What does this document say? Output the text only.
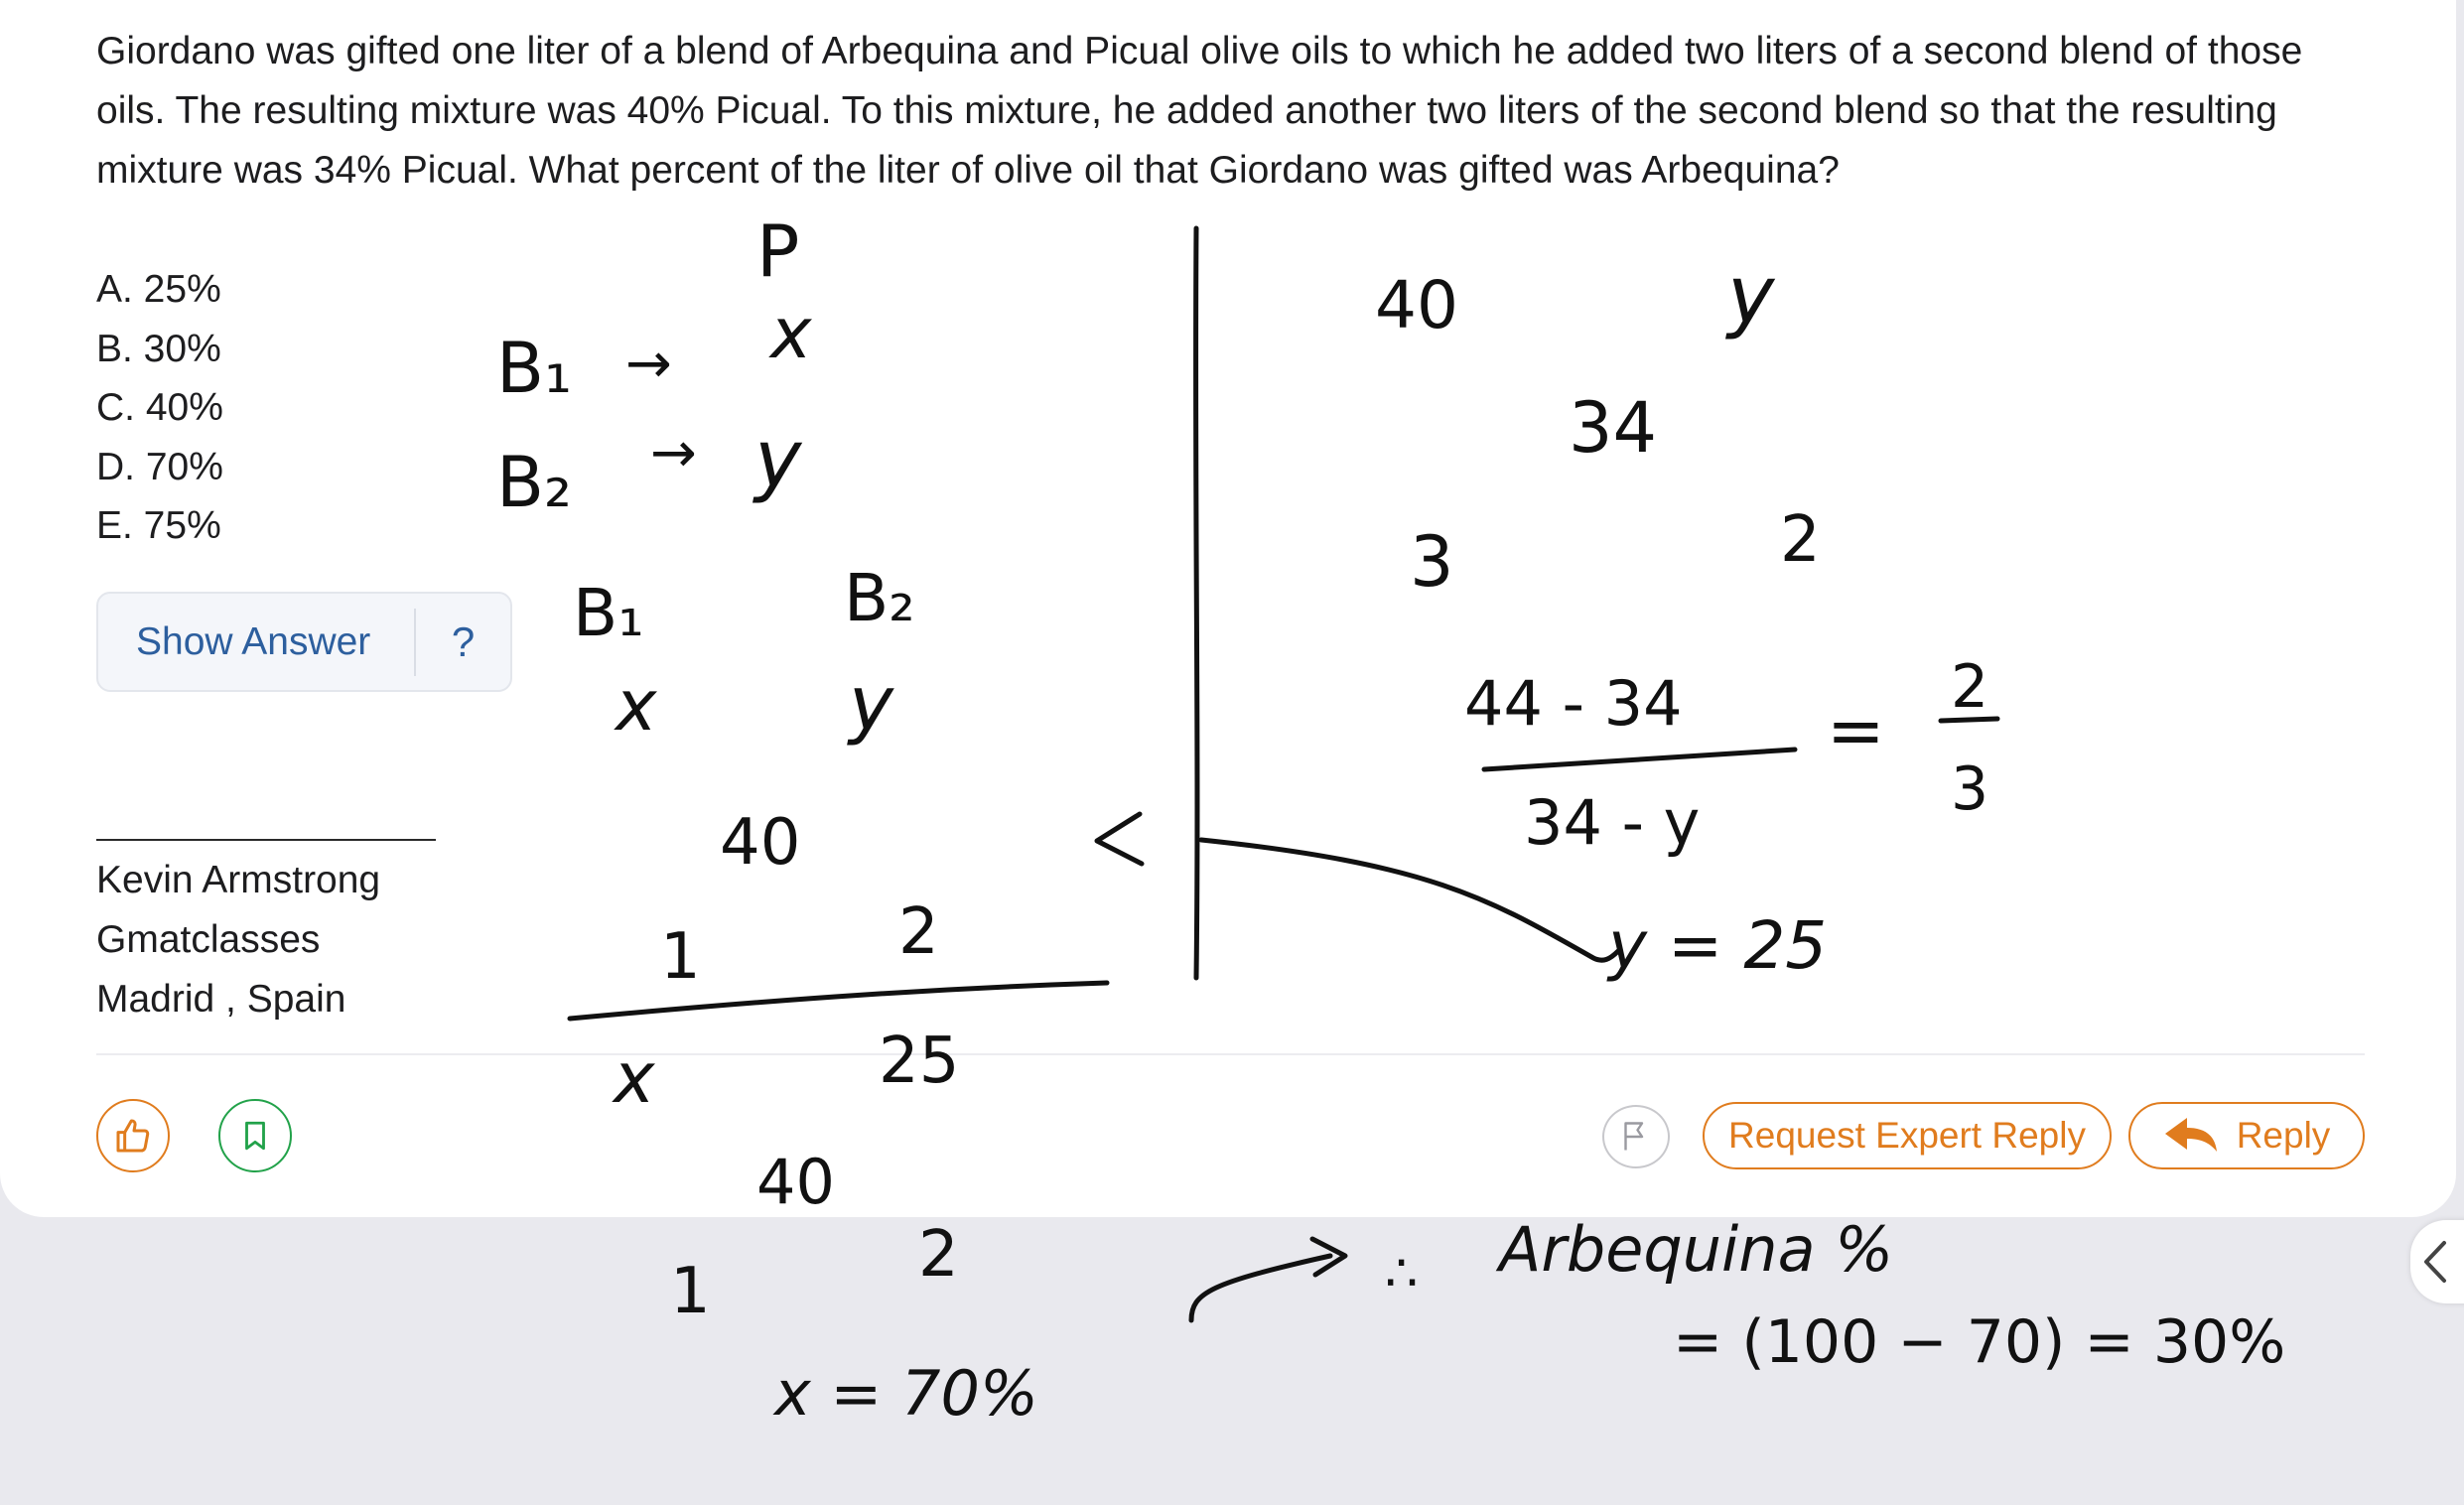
Giordano was gifted one liter of a blend of Arbequina and Picual olive oils to which he added two liters of a second blend of those oils. The resulting mixture was 40% Picual. To this mixture, he added another two liters of the second blend so that the resulting mixture was 34% Picual. What percent of the liter of olive oil that Giordano was gifted was Arbequina?
A. 25%
B. 30%
C. 40%
D. 70%
E. 75%
Show Answer	?
Kevin Armstrong
Gmatclasses
Madrid , Spain
Request Expert Reply	Reply
P
B₁ → x
B₂ → y
B₁	B₂
x	y
40
1	2
x	25
40
1	2
x = 70%
40	y
34
3	2
44 - 34
34 - y
=
2
3
y = 25
∴ Arbequina %
= (100 − 70) = 30%
